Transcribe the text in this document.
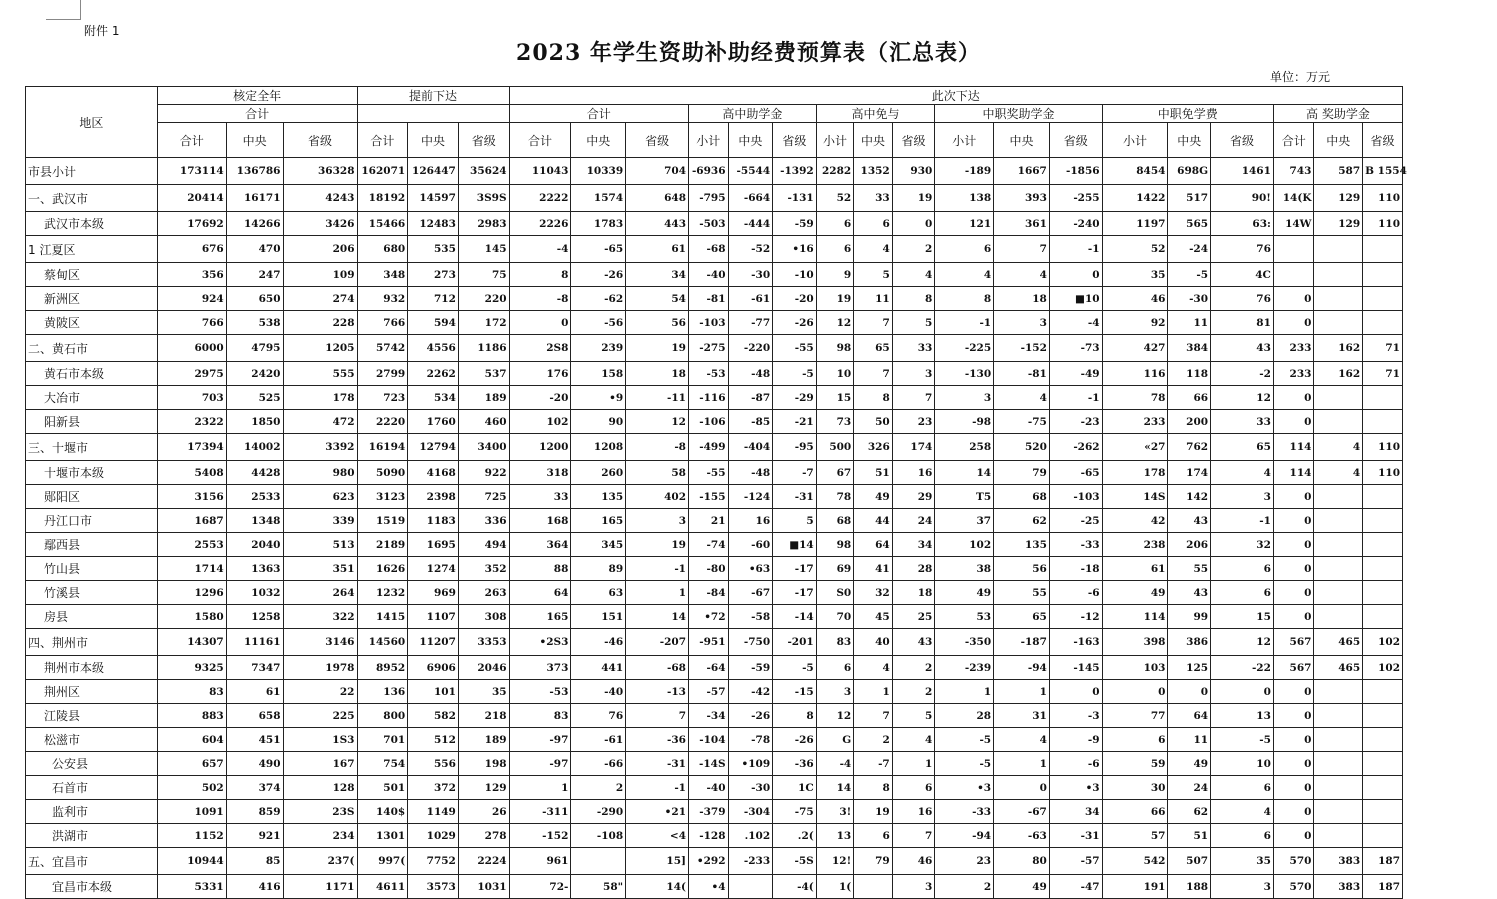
附件 1
2023 年学生资助补助经费预算表（汇总表）
单位：万元
地区	核定全年			提前下达			此次下达																	
	合计						合计			高中助学金			高中免与			中职奖助学金			中职免学费			高 奖助学金		
	合计	中央	省级	合计	中央	省级	合计	中央	省级	小计	中央	省级	小计	中央	省级	小计	中央	省级	小计	中央	省级	合计	中央	省级
市县小计	173114	136786	36328	162071	126447	35624	11043	10339	704	-6936	-5544	-1392	2282	1352	930	-189	1667	-1856	8454	698G	1461	743	587	B 1554
一、武汉市	20414	16171	4243	18192	14597	3S9S	2222	1574	648	-795	-664	-131	52	33	19	138	393	-255	1422	517	90!	14(K	129	110
武汉市本级	17692	14266	3426	15466	12483	2983	2226	1783	443	-503	-444	-59	6	6	0	121	361	-240	1197	565	63:	14W	129	110
1 江夏区	676	470	206	680	535	145	-4	-65	61	-68	-52	•16	6	4	2	6	7	-1	52	-24	76			
蔡甸区	356	247	109	348	273	75	8	-26	34	-40	-30	-10	9	5	4	4	4	0	35	-5	4C			
新洲区	924	650	274	932	712	220	-8	-62	54	-81	-61	-20	19	11	8	8	18	■10	46	-30	76	0		
黄陂区	766	538	228	766	594	172	0	-56	56	-103	-77	-26	12	7	5	-1	3	-4	92	11	81	0		
二、黄石市	6000	4795	1205	5742	4556	1186	2S8	239	19	-275	-220	-55	98	65	33	-225	-152	-73	427	384	43	233	162	71
黄石市本级	2975	2420	555	2799	2262	537	176	158	18	-53	-48	-5	10	7	3	-130	-81	-49	116	118	-2	233	162	71
大冶市	703	525	178	723	534	189	-20	•9	-11	-116	-87	-29	15	8	7	3	4	-1	78	66	12	0		
阳新县	2322	1850	472	2220	1760	460	102	90	12	-106	-85	-21	73	50	23	-98	-75	-23	233	200	33	0		
三、十堰市	17394	14002	3392	16194	12794	3400	1200	1208	-8	-499	-404	-95	500	326	174	258	520	-262	«27	762	65	114	4	110
十堰市本级	5408	4428	980	5090	4168	922	318	260	58	-55	-48	-7	67	51	16	14	79	-65	178	174	4	114	4	110
郧阳区	3156	2533	623	3123	2398	725	33	135	402	-155	-124	-31	78	49	29	T5	68	-103	14S	142	3	0		
丹江口市	1687	1348	339	1519	1183	336	168	165	3	21	16	5	68	44	24	37	62	-25	42	43	-1	0		
鄢西县	2553	2040	513	2189	1695	494	364	345	19	-74	-60	■14	98	64	34	102	135	-33	238	206	32	0		
竹山县	1714	1363	351	1626	1274	352	88	89	-1	-80	•63	-17	69	41	28	38	56	-18	61	55	6	0		
竹溪县	1296	1032	264	1232	969	263	64	63	1	-84	-67	-17	S0	32	18	49	55	-6	49	43	6	0		
房县	1580	1258	322	1415	1107	308	165	151	14	•72	-58	-14	70	45	25	53	65	-12	114	99	15	0		
四、荆州市	14307	11161	3146	14560	11207	3353	•2S3	-46	-207	-951	-750	-201	83	40	43	-350	-187	-163	398	386	12	567	465	102
荆州市本级	9325	7347	1978	8952	6906	2046	373	441	-68	-64	-59	-5	6	4	2	-239	-94	-145	103	125	-22	567	465	102
荆州区	83	61	22	136	101	35	-53	-40	-13	-57	-42	-15	3	1	2	1	1	0	0	0	0	0		
江陵县	883	658	225	800	582	218	83	76	7	-34	-26	8	12	7	5	28	31	-3	77	64	13	0		
松滋市	604	451	1S3	701	512	189	-97	-61	-36	-104	-78	-26	G	2	4	-5	4	-9	6	11	-5	0		
公安县	657	490	167	754	556	198	-97	-66	-31	-14S	•109	-36	-4	-7	1	-5	1	-6	59	49	10	0		
石首市	502	374	128	501	372	129	1	2	-1	-40	-30	1C	14	8	6	•3	0	•3	30	24	6	0		
监利市	1091	859	23S	140$	1149	26	-311	-290	•21	-379	-304	-75	3!	19	16	-33	-67	34	66	62	4	0		
洪湖市	1152	921	234	1301	1029	278	-152	-108	<4	-128	.102	.2(	13	6	7	-94	-63	-31	57	51	6	0		
五、宜昌市	10944	85	237(	997(	7752	2224	961		15]	•292	-233	-5S	12!	79	46	23	80	-57	542	507	35	570	383	187
宜昌市本级	5331	416	1171	4611	3573	1031	72-	58"	14(	•4		-4(	1(		3	2	49	-47	191	188	3	570	383	187
